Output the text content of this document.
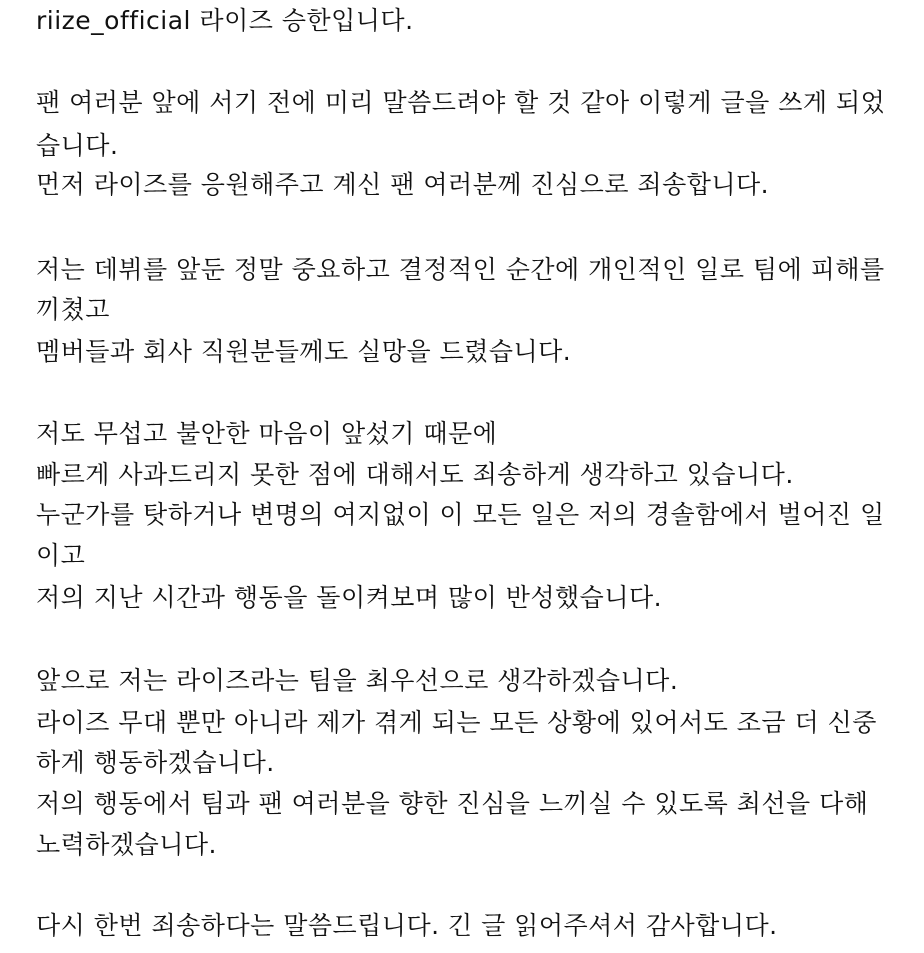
riize_official 라이즈 승한입니다.

팬 여러분 앞에 서기 전에 미리 말씀드려야 할 것 같아 이렇게 글을 쓰게 되었

습니다.

먼저 라이즈를 응원해주고 계신 팬 여러분께 진심으로 죄송합니다.

저는 데뷔를 앞둔 정말 중요하고 결정적인 순간에 개인적인 일로 팀에 피해를

끼쳤고

멤버들과 회사 직원분들께도 실망을 드렸습니다.

저도 무섭고 불안한 마음이 앞섰기 때문에

빠르게 사과드리지 못한 점에 대해서도 죄송하게 생각하고 있습니다.

누군가를 탓하거나 변명의 여지없이 이 모든 일은 저의 경솔함에서 벌어진 일

이고

저의 지난 시간과 행동을 돌이켜보며 많이 반성했습니다.

앞으로 저는 라이즈라는 팀을 최우선으로 생각하겠습니다.

라이즈 무대 뿐만 아니라 제가 겪게 되는 모든 상황에 있어서도 조금 더 신중

하게 행동하겠습니다.

저의 행동에서 팀과 팬 여러분을 향한 진심을 느끼실 수 있도록 최선을 다해

노력하겠습니다.

다시 한번 죄송하다는 말씀드립니다. 긴 글 읽어주셔서 감사합니다.
